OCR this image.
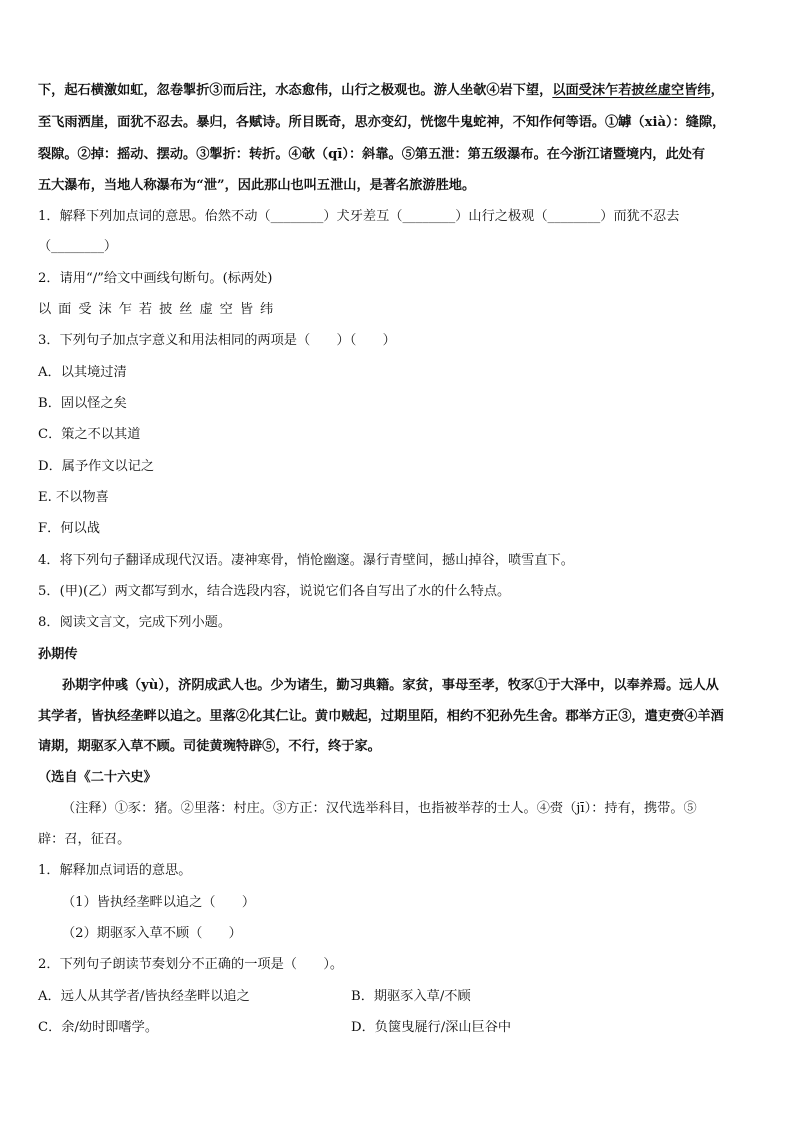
下，起石横激如虹，忽卷掣折③而后注，水态愈伟，山行之极观也。游人坐欹④岩下望，以面受沫乍若披丝虚空皆纬，
至飞雨洒崖，面犹不忍去。暴归，各赋诗。所目既奇，思亦变幻，恍惚牛鬼蛇神，不知作何等语。①罅（xià）：缝隙，
裂隙。②掉：摇动、摆动。③掣折：转折。④欹（qī）：斜靠。⑤第五泄：第五级瀑布。在今浙江诸暨境内，此处有
五大瀑布，当地人称瀑布为“泄”，因此那山也叫五泄山，是著名旅游胜地。
1．解释下列加点词的意思。佁然不动（________）犬牙差互（________）山行之极观（________）而犹不忍去
（________）
2．请用“/”给文中画线句断句。(标两处)
以面受沫乍若披丝虚空皆纬
3．下列句子加点字意义和用法相同的两项是（　　）（　　）
A．以其境过清
B．固以怪之矣
C．策之不以其道
D．属予作文以记之
E. 不以物喜
F．何以战
4．将下列句子翻译成现代汉语。凄神寒骨，悄怆幽邃。瀑行青壁间，撼山掉谷，喷雪直下。
5．(甲)(乙）两文都写到水，结合选段内容，说说它们各自写出了水的什么特点。
8．阅读文言文，完成下列小题。
孙期传
孙期字仲彧（yù），济阴成武人也。少为诸生，勤习典籍。家贫，事母至孝，牧豕①于大泽中，以奉养焉。远人从
其学者，皆执经垄畔以追之。里落②化其仁让。黄巾贼起，过期里陌，相约不犯孙先生舍。郡举方正③，遣吏赍④羊酒
请期，期驱豕入草不顾。司徒黄琬特辟⑤，不行，终于家。
（选自《二十六史》
（注释）①豕：猪。②里落：村庄。③方正：汉代选举科目，也指被举荐的士人。④赍（jī）：持有，携带。⑤
辟：召，征召。
1．解释加点词语的意思。
（1）皆执经垄畔以追之（　　）
（2）期驱豕入草不顾（　　）
2．下列句子朗读节奏划分不正确的一项是（　　）。
A．远人从其学者/皆执经垄畔以追之	B．期驱豕入草/不顾
C．余/幼时即嗜学。	D．负箧曳屣行/深山巨谷中
